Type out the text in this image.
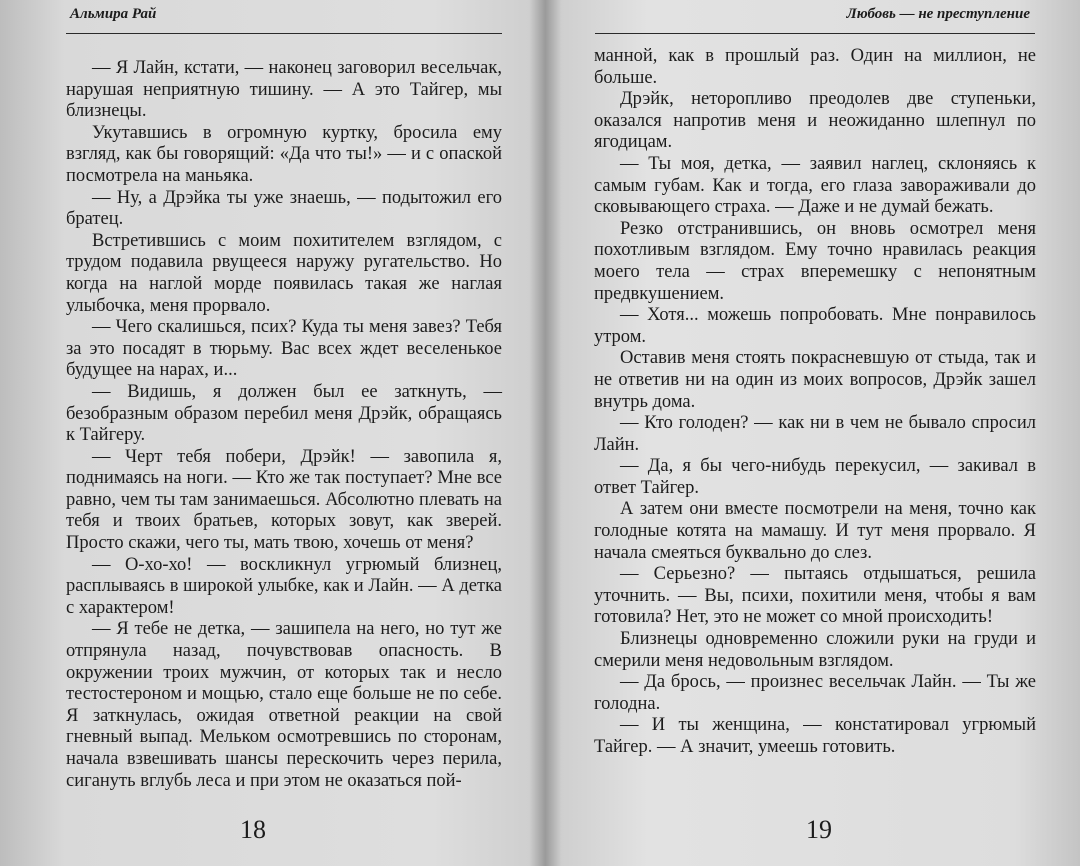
Альмира Рай

— Я Лайн, кстати, — наконец заговорил весельчак, нарушая неприятную тишину. — А это Тайгер, мы близнецы.

Укутавшись в огромную куртку, бросила ему взгляд, как бы говорящий: «Да что ты!» — и с опаской посмотрела на маньяка.

— Ну, а Дрэйка ты уже знаешь, — подытожил его братец.

Встретившись с моим похитителем взглядом, с трудом подавила рвущееся наружу ругательство. Но когда на наглой морде появилась такая же наглая улыбочка, меня прорвало.

— Чего скалишься, псих? Куда ты меня завез? Тебя за это посадят в тюрьму. Вас всех ждет веселенькое будущее на нарах, и...

— Видишь, я должен был ее заткнуть, — безобразным образом перебил меня Дрэйк, обращаясь к Тайгеру.

— Черт тебя побери, Дрэйк! — завопила я, поднимаясь на ноги. — Кто же так поступает? Мне все равно, чем ты там занимаешься. Абсолютно плевать на тебя и твоих братьев, которых зовут, как зверей. Просто скажи, чего ты, мать твою, хочешь от меня?

— О-хо-хо! — воскликнул угрюмый близнец, расплываясь в широкой улыбке, как и Лайн. — А детка с характером!

— Я тебе не детка, — зашипела на него, но тут же отпрянула назад, почувствовав опасность. В окружении троих мужчин, от которых так и несло тестостероном и мощью, стало еще больше не по себе. Я заткнулась, ожидая ответной реакции на свой гневный выпад. Мельком осмотревшись по сторонам, начала взвешивать шансы перескочить через перила, сигануть вглубь леса и при этом не оказаться пой-

18
Любовь — не преступление

манной, как в прошлый раз. Один на миллион, не больше.

Дрэйк, неторопливо преодолев две ступеньки, оказался напротив меня и неожиданно шлепнул по ягодицам.

— Ты моя, детка, — заявил наглец, склоняясь к самым губам. Как и тогда, его глаза завораживали до сковывающего страха. — Даже и не думай бежать.

Резко отстранившись, он вновь осмотрел меня похотливым взглядом. Ему точно нравилась реакция моего тела — страх вперемешку с непонятным предвкушением.

— Хотя... можешь попробовать. Мне понравилось утром.

Оставив меня стоять покрасневшую от стыда, так и не ответив ни на один из моих вопросов, Дрэйк зашел внутрь дома.

— Кто голоден? — как ни в чем не бывало спросил Лайн.

— Да, я бы чего-нибудь перекусил, — закивал в ответ Тайгер.

А затем они вместе посмотрели на меня, точно как голодные котята на мамашу. И тут меня прорвало. Я начала смеяться буквально до слез.

— Серьезно? — пытаясь отдышаться, решила уточнить. — Вы, психи, похитили меня, чтобы я вам готовила? Нет, это не может со мной происходить!

Близнецы одновременно сложили руки на груди и смерили меня недовольным взглядом.

— Да брось, — произнес весельчак Лайн. — Ты же голодна.

— И ты женщина, — констатировал угрюмый Тайгер. — А значит, умеешь готовить.

19
